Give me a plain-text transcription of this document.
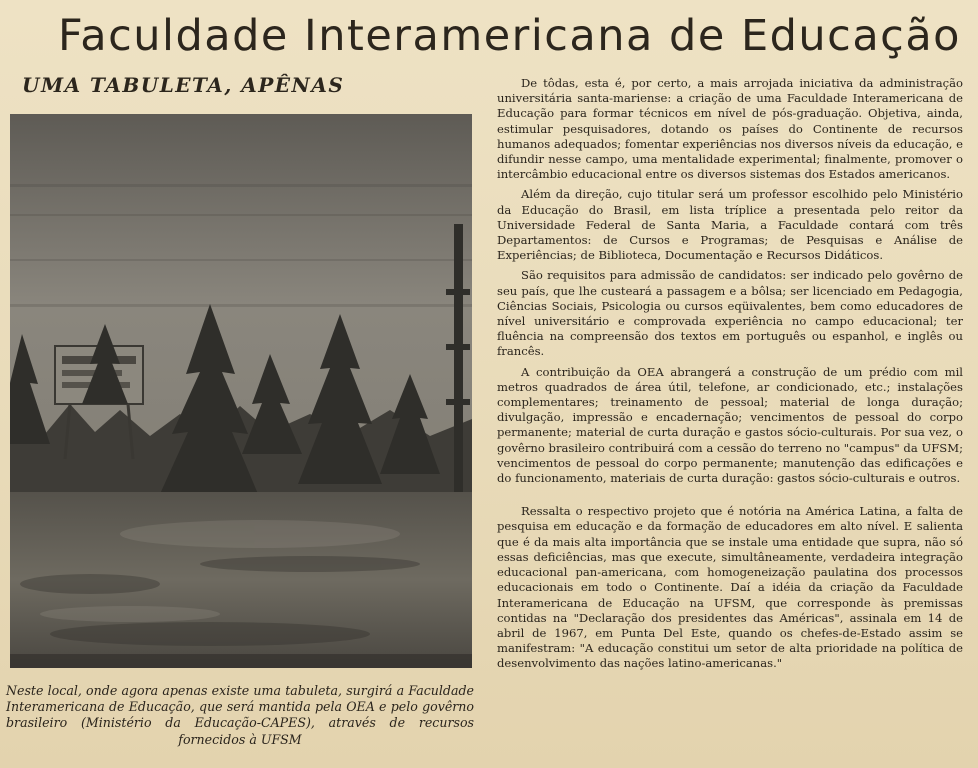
Faculdade Interamericana de Educação
UMA TABULETA, APÊNAS
Neste local, onde agora apenas existe uma tabuleta, surgirá a Faculdade Interamericana de Educação, que será mantida pela OEA e pelo govêrno brasileiro (Ministério da Educação-CAPES), através de recursos fornecidos à UFSM

De tôdas, esta é, por certo, a mais arrojada iniciativa da administração universitária santa-mariense: a criação de uma Faculdade Interamericana de Educação para formar técnicos em nível de pós-graduação. Objetiva, ainda, estimular pesquisadores, dotando os países do Continente de recursos humanos adequados; fomentar experiências nos diversos níveis da educação, e difundir nesse campo, uma mentalidade experimental; finalmente, promover o intercâmbio educacional entre os diversos sistemas dos Estados americanos.

Além da direção, cujo titular será um professor escolhido pelo Ministério da Educação do Brasil, em lista tríplice a presentada pelo reitor da Universidade Federal de Santa Maria, a Faculdade contará com três Departamentos: de Cursos e Programas; de Pesquisas e Análise de Experiências; de Biblioteca, Documentação e Recursos Didáticos.

São requisitos para admissão de candidatos: ser indicado pelo govêrno de seu país, que lhe custeará a passagem e a bôlsa; ser licenciado em Pedagogia, Ciências Sociais, Psicologia ou cursos eqüivalentes, bem como educadores de nível universitário e comprovada experiência no campo educacional; ter fluência na compreensão dos textos em português ou espanhol, e inglês ou francês.

A contribuição da OEA abrangerá a construção de um prédio com mil metros quadrados de área útil, telefone, ar condicionado, etc.; instalações complementares; treinamento de pessoal; material de longa duração; divulgação, impressão e encadernação; vencimentos de pessoal do corpo permanente; material de curta duração e gastos sócio-culturais. Por sua vez, o govêrno brasileiro contribuirá com a cessão do terreno no "campus" da UFSM; vencimentos de pessoal do corpo permanente; manutenção das edificações e do funcionamento, materiais de curta duração: gastos sócio-culturais e outros.

Ressalta o respectivo projeto que é notória na América Latina, a falta de pesquisa em educação e da formação de educadores em alto nível. E salienta que é da mais alta importância que se instale uma entidade que supra, não só essas deficiências, mas que execute, simultâneamente, verdadeira integração educacional pan-americana, com homogeneização paulatina dos processos educacionais em todo o Continente. Daí a idéia da criação da Faculdade Interamericana de Educação na UFSM, que corresponde às premissas contidas na "Declaração dos presidentes das Américas", assinala em 14 de abril de 1967, em Punta Del Este, quando os chefes-de-Estado assim se manifestram: "A educação constitui um setor de alta prioridade na política de desenvolvimento das nações latino-americanas."
